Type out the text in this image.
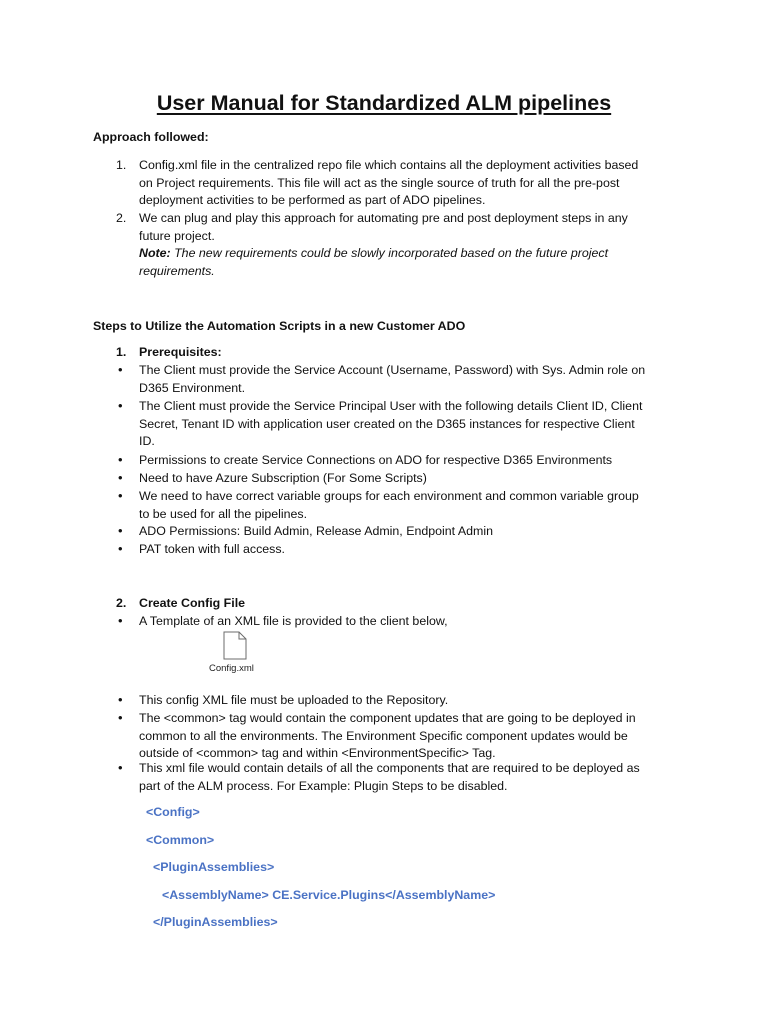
User Manual for Standardized ALM pipelines
Approach followed:
1. Config.xml file in the centralized repo file which contains all the deployment activities based
on Project requirements. This file will act as the single source of truth for all the pre-post
deployment activities to be performed as part of ADO pipelines.
2. We can plug and play this approach for automating pre and post deployment steps in any
future project.
Note: The new requirements could be slowly incorporated based on the future project
requirements.
Steps to Utilize the Automation Scripts in a new Customer ADO
1. Prerequisites:
• The Client must provide the Service Account (Username, Password) with Sys. Admin role on
D365 Environment.
• The Client must provide the Service Principal User with the following details Client ID, Client
Secret, Tenant ID with application user created on the D365 instances for respective Client
ID.
• Permissions to create Service Connections on ADO for respective D365 Environments
• Need to have Azure Subscription (For Some Scripts)
• We need to have correct variable groups for each environment and common variable group
to be used for all the pipelines.
• ADO Permissions: Build Admin, Release Admin, Endpoint Admin
• PAT token with full access.
2. Create Config File
• A Template of an XML file is provided to the client below,
Config.xml
• This config XML file must be uploaded to the Repository.
• The <common> tag would contain the component updates that are going to be deployed in
common to all the environments. The Environment Specific component updates would be
outside of <common> tag and within <EnvironmentSpecific> Tag.
• This xml file would contain details of all the components that are required to be deployed as
part of the ALM process. For Example: Plugin Steps to be disabled.
<Config>
<Common>
<PluginAssemblies>
<AssemblyName> CE.Service.Plugins</AssemblyName>
</PluginAssemblies>
